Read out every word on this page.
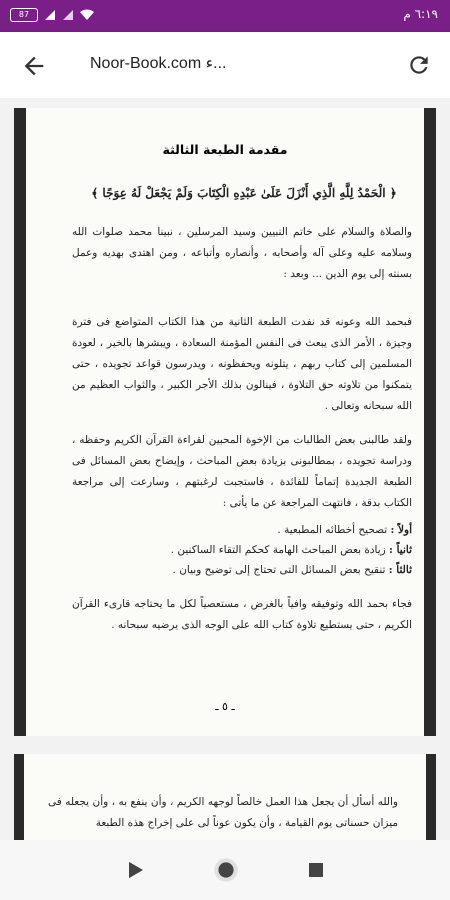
87	٦:١٩ م
Noor-Book.com ‏ء...
مقدمة الطبعة الثالثة
﴿ الْحَمْدُ لِلَّهِ الَّذِي أَنْزَلَ عَلَىٰ عَبْدِهِ الْكِتَابَ وَلَمْ يَجْعَلْ لَهُ عِوَجًا ﴾
والصلاة والسلام على خاتم النبيين وسيد المرسلين ، نبينا محمد صلوات الله وسلامه عليه وعلى آله وأصحابه ، وأنصاره وأتباعه ، ومن اهتدى بهديه وعمل بسنته إلى يوم الدين ... وبعد :
فبحمد الله وعونه قد نفدت الطبعة الثانية من هذا الكتاب المتواضع فى فترة وجيزة ، الأمر الذى يبعث فى النفس المؤمنة السعادة ، ويبشرها بالخير ، لعودة المسلمين إلى كتاب ربهم ، يتلونه ويحفظونه ، ويدرسون قواعد تجويده ، حتى يتمكنوا من تلاوته حق التلاوة ، فينالون بذلك الأجر الكبير ، والثواب العظيم من الله سبحانه وتعالى .
ولقد طالبنى بعض الطالبات من الإخوة المحبين لقراءة القرآن الكريم وحفظه ، ودراسة تجويده ، بمطالبونى بزيادة بعض المباحث ، وإيضاح بعض المسائل فى الطبعة الجديدة إتماماً للفائدة ، فاستجبت لرغبتهم ، وسارعت إلى مراجعة الكتاب بدقة ، فانتهت المراجعة عن ما يأتى :
أولاً : تصحيح أخطائه المطبعية .
ثانياً : زيادة بعض المباحث الهامة كحكم التقاء الساكنين .
ثالثاً : تنقيح بعض المسائل التى تحتاج إلى توضيح وبيان .
فجاء بحمد الله وتوفيقه وافياً بالغرض ، مستعصياً لكل ما يحتاجه قارىء القرآن الكريم ، حتى يستطيع تلاوة كتاب الله على الوجه الذى يرضيه سبحانه .
ـ ٥ ـ
والله أسأل أن يجعل هذا العمل خالصاً لوجهه الكريم ، وأن ينفع به ، وأن يجعله فى ميزان حسناتى يوم القيامة ، وأن يكون عوناً لى على إخراج هذه الطبعة
